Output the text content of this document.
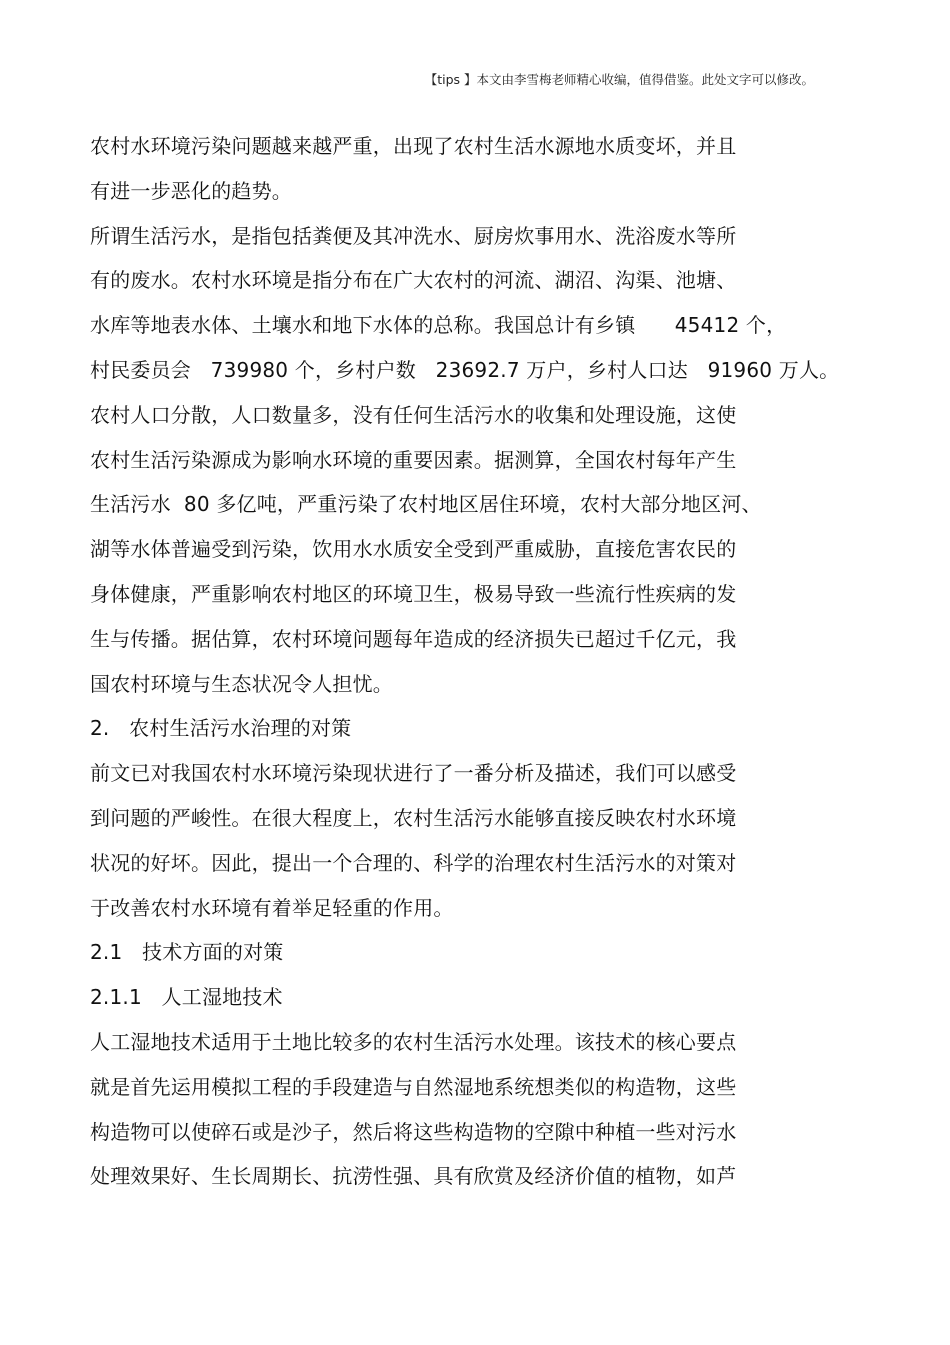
【tips 】本文由李雪梅老师精心收编，值得借鉴。此处文字可以修改。
农村水环境污染问题越来越严重，出现了农村生活水源地水质变坏，并且
有进一步恶化的趋势。
所谓生活污水，是指包括粪便及其冲洗水、厨房炊事用水、洗浴废水等所
有的废水。农村水环境是指分布在广大农村的河流、湖沼、沟渠、池塘、
水库等地表水体、土壤水和地下水体的总称。我国总计有乡镇      45412 个，
村民委员会   739980 个，乡村户数   23692.7 万户，乡村人口达   91960 万人。
农村人口分散，人口数量多，没有任何生活污水的收集和处理设施，这使
农村生活污染源成为影响水环境的重要因素。据测算，全国农村每年产生
生活污水  80 多亿吨，严重污染了农村地区居住环境，农村大部分地区河、
湖等水体普遍受到污染，饮用水水质安全受到严重威胁，直接危害农民的
身体健康，严重影响农村地区的环境卫生，极易导致一些流行性疾病的发
生与传播。据估算，农村环境问题每年造成的经济损失已超过千亿元，我
国农村环境与生态状况令人担忧。
2.   农村生活污水治理的对策
前文已对我国农村水环境污染现状进行了一番分析及描述，我们可以感受
到问题的严峻性。在很大程度上，农村生活污水能够直接反映农村水环境
状况的好坏。因此，提出一个合理的、科学的治理农村生活污水的对策对
于改善农村水环境有着举足轻重的作用。
2.1   技术方面的对策
2.1.1   人工湿地技术
人工湿地技术适用于土地比较多的农村生活污水处理。该技术的核心要点
就是首先运用模拟工程的手段建造与自然湿地系统想类似的构造物，这些
构造物可以使碎石或是沙子，然后将这些构造物的空隙中种植一些对污水
处理效果好、生长周期长、抗涝性强、具有欣赏及经济价值的植物，如芦
